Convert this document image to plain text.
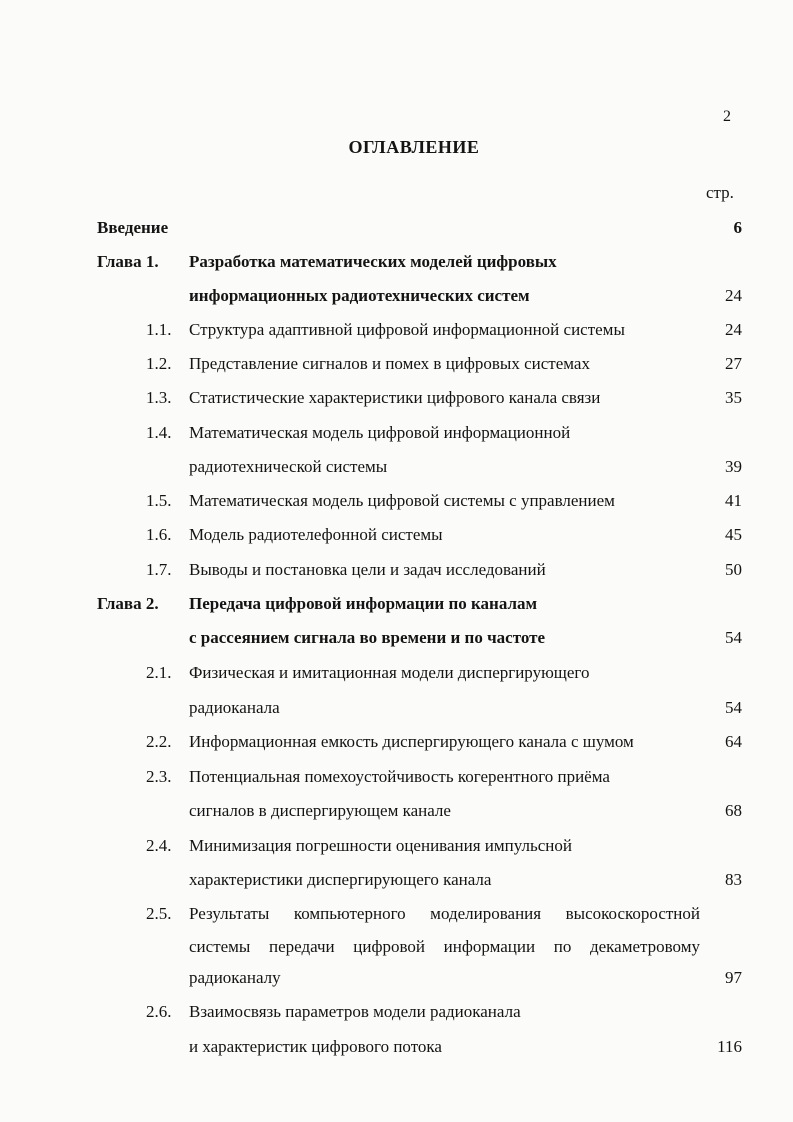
2
ОГЛАВЛЕНИЕ
стр.
Введение	6
Глава 1. Разработка математических моделей цифровых
информационных радиотехнических систем	24
1.1. Структура адаптивной цифровой информационной системы	24
1.2. Представление сигналов и помех в цифровых системах	27
1.3. Статистические характеристики цифрового канала связи	35
1.4. Математическая модель цифровой информационной
радиотехнической системы	39
1.5. Математическая модель цифровой системы с управлением	41
1.6. Модель радиотелефонной системы	45
1.7. Выводы и постановка цели и задач исследований	50
Глава 2. Передача цифровой информации по каналам
с рассеянием сигнала во времени и по частоте	54
2.1. Физическая и имитационная модели диспергирующего
радиоканала	54
2.2. Информационная емкость диспергирующего канала с шумом	64
2.3. Потенциальная помехоустойчивость когерентного приёма
сигналов в диспергирующем канале	68
2.4. Минимизация погрешности оценивания импульсной
характеристики диспергирующего канала	83
2.5. Результаты компьютерного моделирования высокоскоростной
системы передачи цифровой информации по декаметровому
радиоканалу	97
2.6. Взаимосвязь параметров модели радиоканала
и характеристик цифрового потока	116
